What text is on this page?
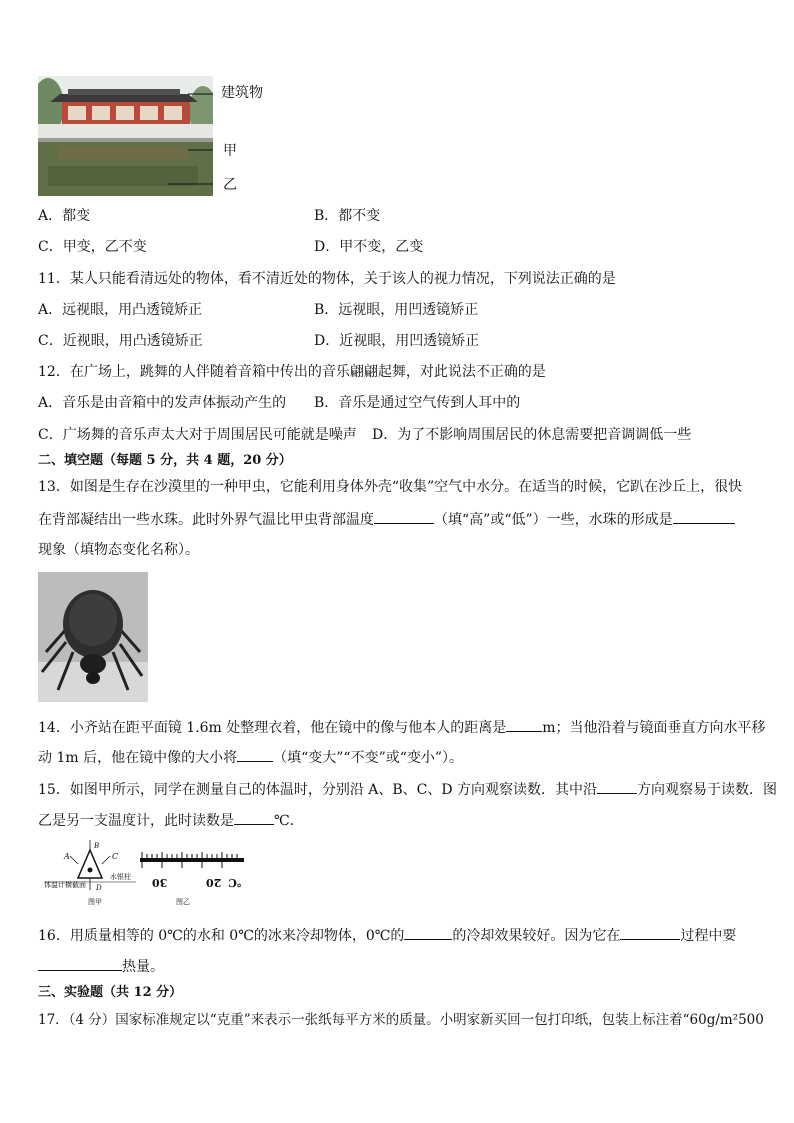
建筑物
甲
乙
A．都变	B．都不变
C．甲变，乙不变	D．甲不变，乙变
11．某人只能看清远处的物体，看不清近处的物体，关于该人的视力情况，下列说法正确的是
A．远视眼，用凸透镜矫正	B．远视眼，用凹透镜矫正
C．近视眼，用凸透镜矫正	D．近视眼，用凹透镜矫正
12．在广场上，跳舞的人伴随着音箱中传出的音乐翩翩起舞，对此说法不正确的是
A．音乐是由音箱中的发声体振动产生的 B．音乐是通过空气传到人耳中的
C．广场舞的音乐声太大对于周围居民可能就是噪声 D．为了不影响周围居民的休息需要把音调调低一些
二、填空题（每题 5 分，共 4 题，20 分）
13．如图是生存在沙漠里的一种甲虫，它能利用身体外壳“收集”空气中水分。在适当的时候，它趴在沙丘上，很快
在背部凝结出一些水珠。此时外界气温比甲虫背部温度	（填“高”或“低”）一些，水珠的形成是
现象（填物态变化名称）。
14．小齐站在距平面镜 1.6m 处整理衣着，他在镜中的像与他本人的距离是	m；当他沿着与镜面垂直方向水平移
动 1m 后，他在镜中像的大小将	（填“变大”“不变”或“变小”）。
15．如图甲所示，同学在测量自己的体温时，分别沿 A、B、C、D 方向观察读数．其中沿	方向观察易于读数．图
乙是另一支温度计，此时读数是	℃．
B
A	C
D
体温计横截面
水银柱
图甲
30	20 ℃
图乙
16．用质量相等的 0℃的水和 0℃的冰来冷却物体，0℃的	的冷却效果较好。因为它在	过程中要
热量。
三、实验题（共 12 分）
17．（4 分）国家标准规定以“克重”来表示一张纸每平方米的质量。小明家新买回一包打印纸，包装上标注着“60g/m²500
